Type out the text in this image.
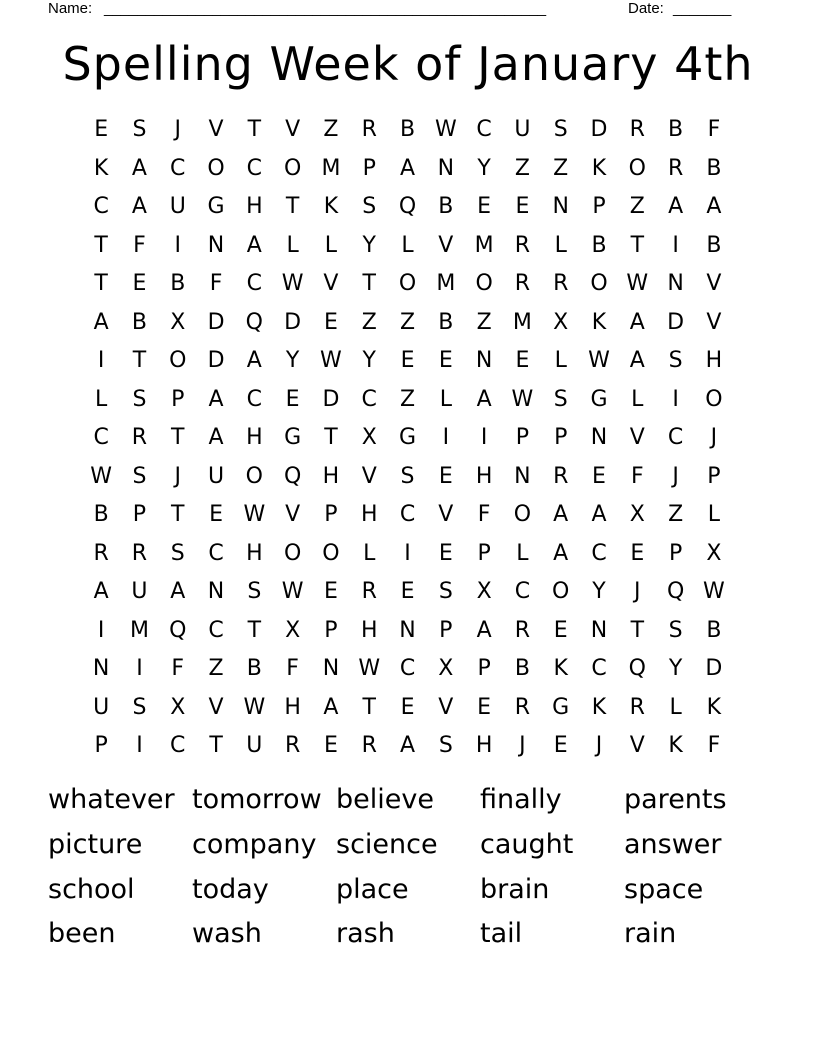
Name: _____________________________________________________	Date: _______
Spelling Week of January 4th
E	S	J	V	T	V	Z	R	B W C	U	S	D	R	B	F
K	A	C O C O M	P	A	N	Y	Z	Z	K	O R	B
C	A	U G H	T	K	S	Q	B	E	E	N	P	Z	A	A
T	F	I	N	A	L	L	Y	L	V M R	L	B	T	I	B
T	E	B	F	C W V	T	O M O R	R O W N	V
A	B	X	D Q D	E	Z	Z	B	Z M X	K	A	D	V
I	T	O D	A	Y W Y	E	E	N	E	L W A	S	H
L	S	P	A	C	E	D	C	Z	L	A W S	G	L	I	O
C	R	T	A	H G	T	X	G	I	I	P	P	N	V	C	J
W S	J	U O Q H	V	S	E	H N	R	E	F	J	P
B	P	T	E W V	P	H	C	V	F	O	A	A	X	Z	L
R	R	S	C	H O O	L	I	E	P	L	A	C	E	P	X
A	U	A	N	S W E	R	E	S	X	C O	Y	J	Q W
I	M Q C	T	X	P	H N	P	A	R	E	N	T	S	B
N	I	F	Z	B	F	N W C	X	P	B	K	C Q	Y	D
U	S	X	V W H	A	T	E	V	E	R	G	K	R	L	K
P	I	C	T	U	R	E	R	A	S	H	J	E	J	V	K	F
whatever tomorrow believe	finally	parents
picture	company science	caught	answer
school	today	place	brain	space
been	wash	rash	tail	rain
